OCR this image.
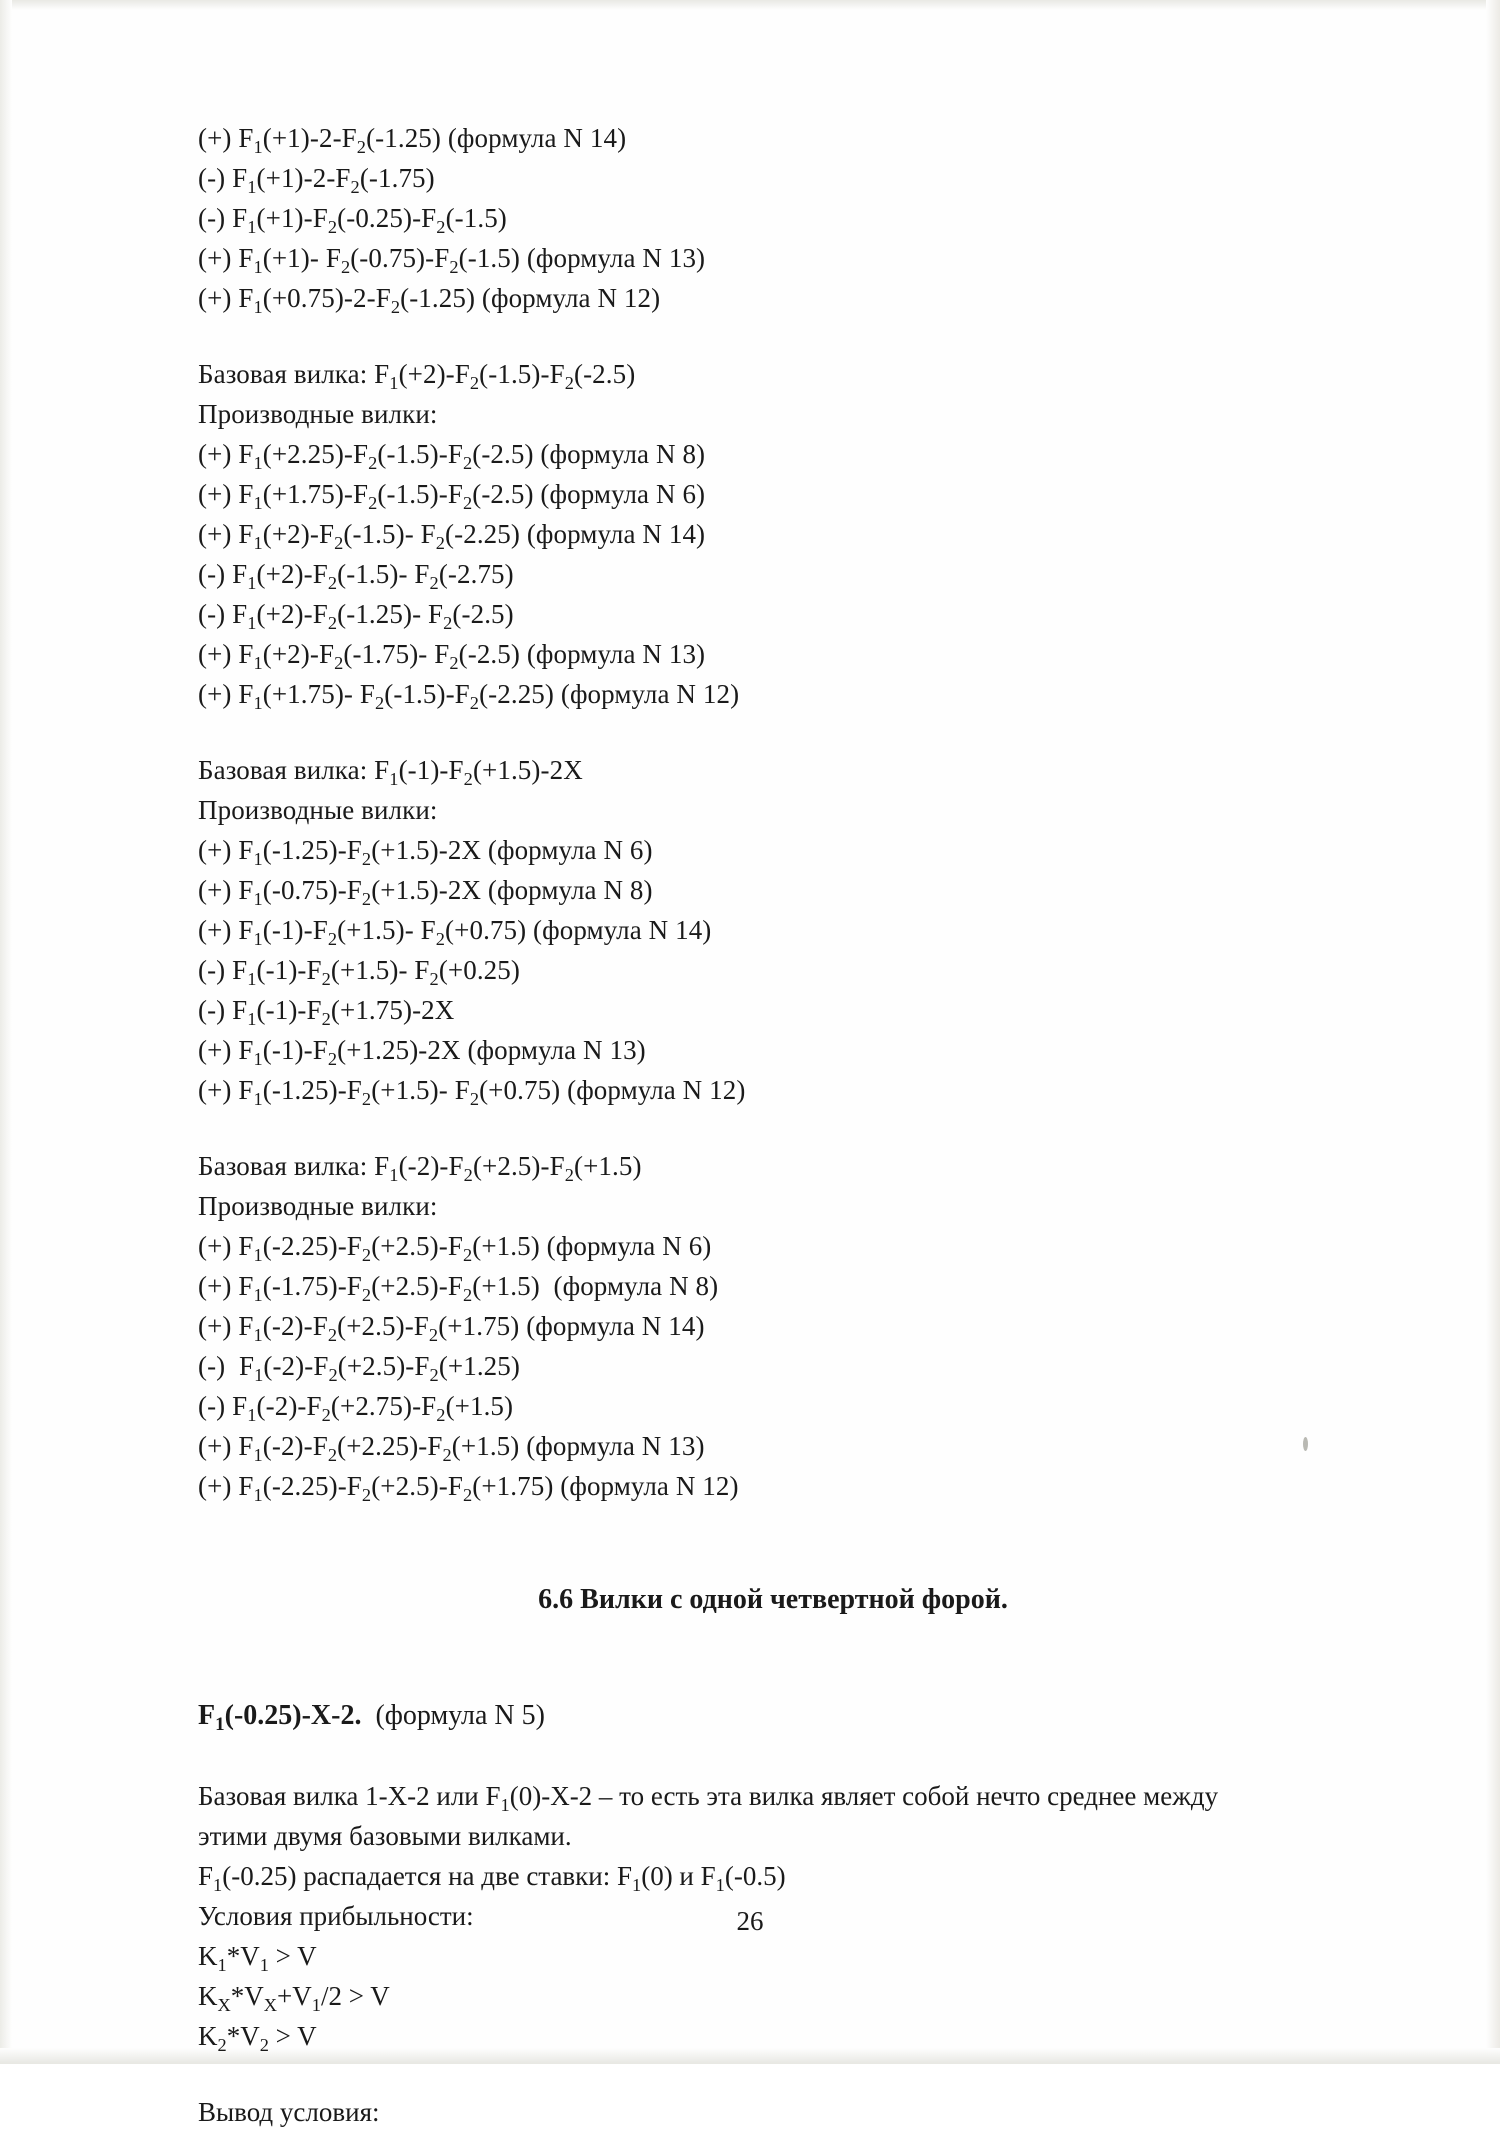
(+) $F_1(+1)-2-F_2(-1.25)$ (формула N 14)
(-) $F_1(+1)-2-F_2(-1.75)$
(-) $F_1(+1)-F_2(-0.25)-F_2(-1.5)$
(+) $F_1(+1)-$ $F_2(-0.75)-F_2(-1.5)$ (формула N 13)
(+) $F_1(+0.75)-2-F_2(-1.25)$ (формула N 12)
Базовая вилка: $F_1(+2)-F_2(-1.5)-F_2(-2.5)$
Производные вилки:
(+) $F_1(+2.25)-F_2(-1.5)-F_2(-2.5)$ (формула N 8)
(+) $F_1(+1.75)-F_2(-1.5)-F_2(-2.5)$ (формула N 6)
(+) $F_1(+2)-F_2(-1.5)-$ $F_2(-2.25)$ (формула N 14)
(-) $F_1(+2)-F_2(-1.5)-$ $F_2(-2.75)$
(-) $F_1(+2)-F_2(-1.25)-$ $F_2(-2.5)$
(+) $F_1(+2)-F_2(-1.75)-$ $F_2(-2.5)$ (формула N 13)
(+) $F_1(+1.75)-$ $F_2(-1.5)-F_2(-2.25)$ (формула N 12)
Базовая вилка: $F_1(-1)-F_2(+1.5)-2X$
Производные вилки:
(+) $F_1(-1.25)-F_2(+1.5)-2X$ (формула N 6)
(+) $F_1(-0.75)-F_2(+1.5)-2X$ (формула N 8)
(+) $F_1(-1)-F_2(+1.5)-$ $F_2(+0.75)$ (формула N 14)
(-) $F_1(-1)-F_2(+1.5)-$ $F_2(+0.25)$
(-) $F_1(-1)-F_2(+1.75)-2X$
(+) $F_1(-1)-F_2(+1.25)-2X$ (формула N 13)
(+) $F_1(-1.25)-F_2(+1.5)-$ $F_2(+0.75)$ (формула N 12)
Базовая вилка: $F_1(-2)-F_2(+2.5)-F_2(+1.5)$
Производные вилки:
(+) $F_1(-2.25)-F_2(+2.5)-F_2(+1.5)$ (формула N 6)
(+) $F_1(-1.75)-F_2(+2.5)-F_2(+1.5)$  (формула N 8)
(+) $F_1(-2)-F_2(+2.5)-F_2(+1.75)$ (формула N 14)
(-)  $F_1(-2)-F_2(+2.5)-F_2(+1.25)$
(-) $F_1(-2)-F_2(+2.75)-F_2(+1.5)$
(+) $F_1(-2)-F_2(+2.25)-F_2(+1.5)$ (формула N 13)
(+) $F_1(-2.25)-F_2(+2.5)-F_2(+1.75)$ (формула N 12)
6.6 Вилки с одной четвертной форой.
$F_1(-0.25)-X-2$.  (формула N 5)
Базовая вилка 1-Х-2 или $F_1(0)-Х-2$ – то есть эта вилка являет собой нечто среднее между
этими двумя базовыми вилками.
$F_1(-0.25)$ распадается на две ставки: $F_1(0)$ и $F_1(-0.5)$
Условия прибыльности:
$K_1*V_1 > V$
$K_X*V_X+V_1/2 > V$
$K_2*V_2 > V$
Вывод условия:
26
